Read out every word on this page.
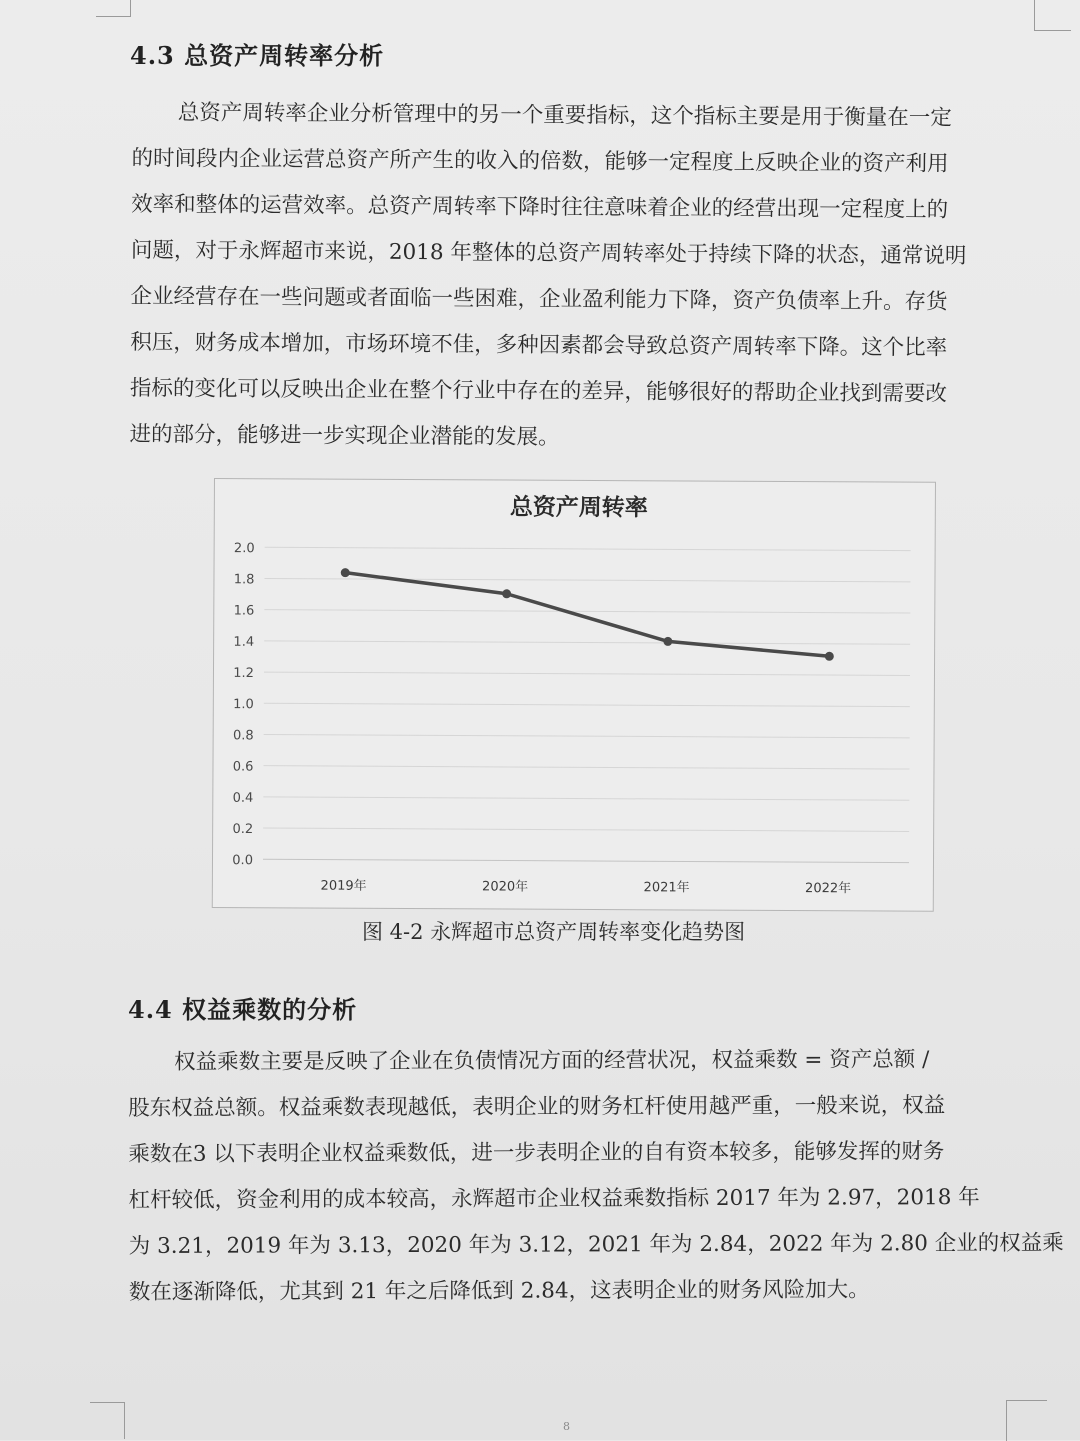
4.3 总资产周转率分析

总资产周转率企业分析管理中的另一个重要指标，这个指标主要是用于衡量在一定
的时间段内企业运营总资产所产生的收入的倍数，能够一定程度上反映企业的资产利用
效率和整体的运营效率。总资产周转率下降时往往意味着企业的经营出现一定程度上的
问题，对于永辉超市来说，2018 年整体的总资产周转率处于持续下降的状态，通常说明
企业经营存在一些问题或者面临一些困难，企业盈利能力下降，资产负债率上升。存货
积压，财务成本增加，市场环境不佳，多种因素都会导致总资产周转率下降。这个比率
指标的变化可以反映出企业在整个行业中存在的差异，能够很好的帮助企业找到需要改
进的部分，能够进一步实现企业潜能的发展。

2.0
1.8
1.6
1.4
1.2
1.0
0.8
0.6
0.4
0.2
0.0
2019年	2020年	2021年	2022年
总资产周转率
图 4-2 永辉超市总资产周转率变化趋势图
4.4 权益乘数的分析

权益乘数主要是反映了企业在负债情况方面的经营状况，权益乘数 = 资产总额 /
股东权益总额。权益乘数表现越低，表明企业的财务杠杆使用越严重，一般来说，权益
乘数在3 以下表明企业权益乘数低，进一步表明企业的自有资本较多，能够发挥的财务
杠杆较低，资金利用的成本较高，永辉超市企业权益乘数指标 2017 年为 2.97，2018 年
为 3.21，2019 年为 3.13，2020 年为 3.12，2021 年为 2.84，2022 年为 2.80 企业的权益乘
数在逐渐降低，尤其到 21 年之后降低到 2.84，这表明企业的财务风险加大。

8
